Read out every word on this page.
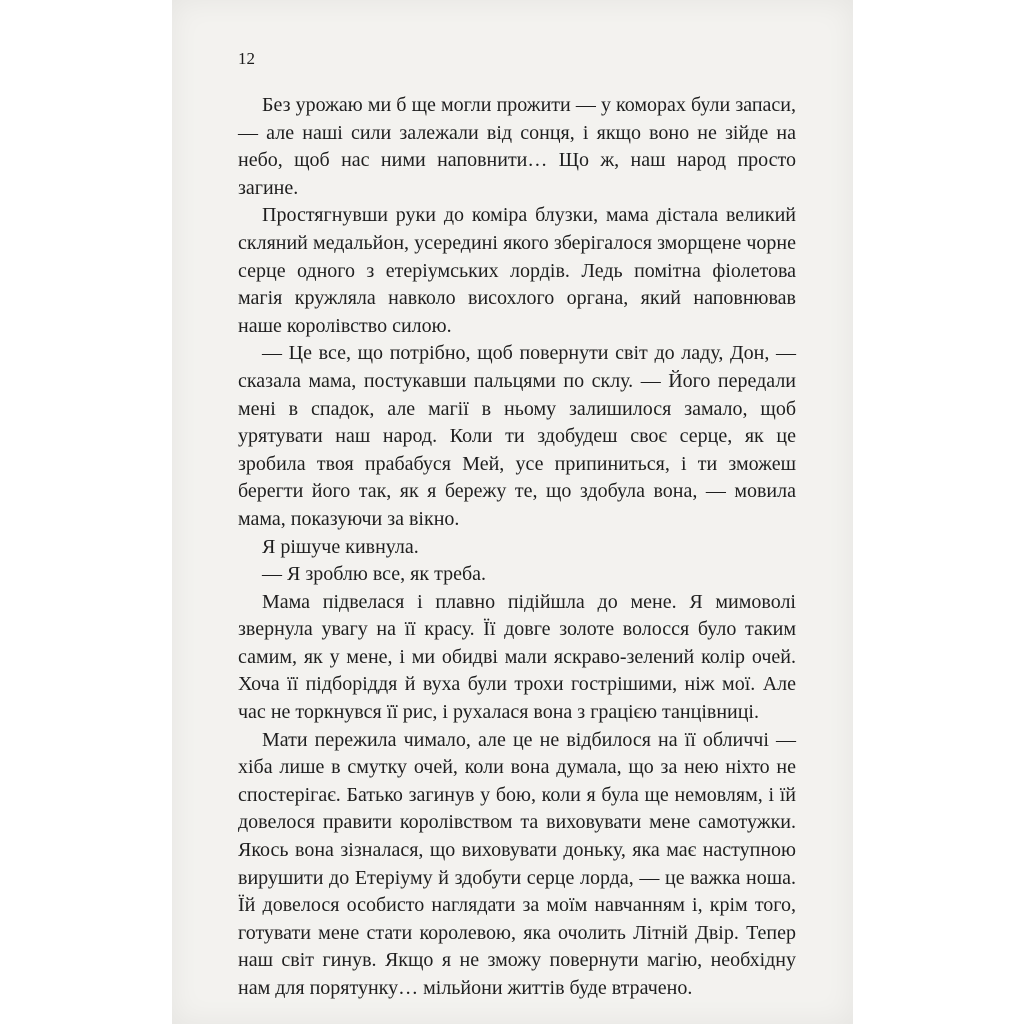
12

Без урожаю ми б ще могли прожити — у коморах були запаси, — але наші сили залежали від сонця, і якщо воно не зійде на небо, щоб нас ними наповнити… Що ж, наш народ просто загине.

Простягнувши руки до коміра блузки, мама дістала великий скляний медальйон, усередині якого зберігалося зморщене чорне серце одного з етеріумських лордів. Ледь помітна фіолетова магія кружляла навколо висохлого органа, який наповнював наше королівство силою.

— Це все, що потрібно, щоб повернути світ до ладу, Дон, — сказала мама, постукавши пальцями по склу. — Його передали мені в спадок, але магії в ньому залишилося замало, щоб урятувати наш народ. Коли ти здобудеш своє серце, як це зробила твоя прабабуся Мей, усе припиниться, і ти зможеш берегти його так, як я бережу те, що здобула вона, — мовила мама, показуючи за вікно.

Я рішуче кивнула.

— Я зроблю все, як треба.

Мама підвелася і плавно підійшла до мене. Я мимоволі звернула увагу на її красу. Її довге золоте волосся було таким самим, як у мене, і ми обидві мали яскраво-зелений колір очей. Хоча її підборіддя й вуха були трохи гострішими, ніж мої. Але час не торкнувся її рис, і рухалася вона з грацією танцівниці.

Мати пережила чимало, але це не відбилося на її обличчі — хіба лише в смутку очей, коли вона думала, що за нею ніхто не спостерігає. Батько загинув у бою, коли я була ще немовлям, і їй довелося правити королівством та виховувати мене самотужки. Якось вона зізналася, що виховувати доньку, яка має наступною вирушити до Етеріуму й здобути серце лорда, — це важка ноша. Їй довелося особисто наглядати за моїм навчанням і, крім того, готувати мене стати королевою, яка очолить Літній Двір. Тепер наш світ гинув. Якщо я не зможу повернути магію, необхідну нам для порятунку… мільйони життів буде втрачено.
